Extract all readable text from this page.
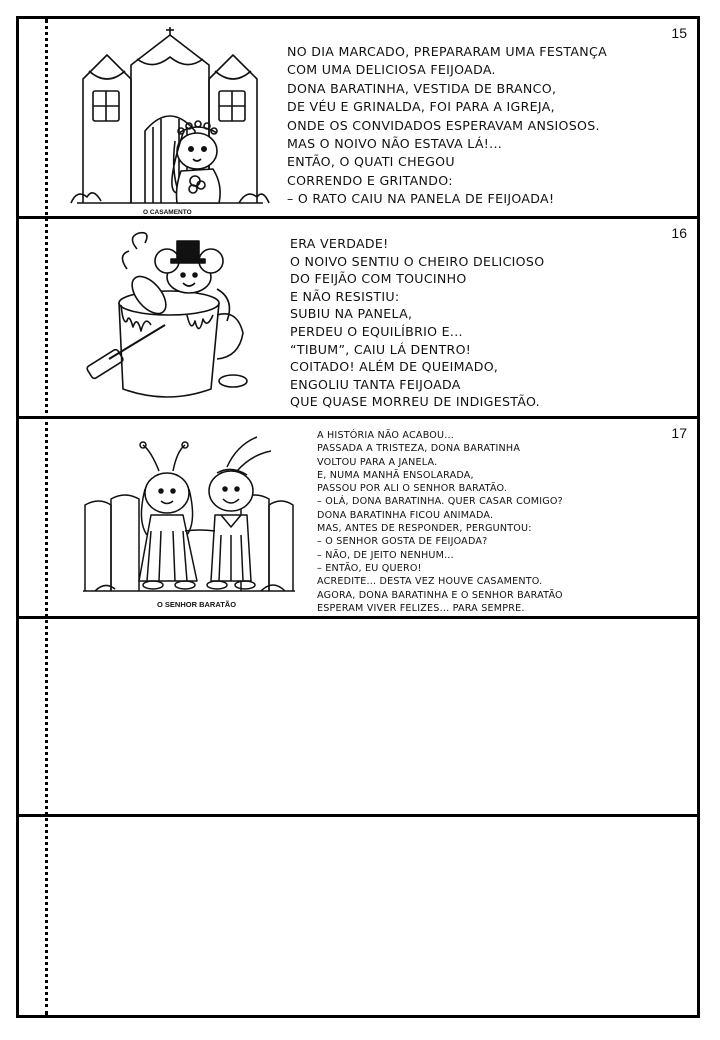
15
O CASAMENTO
NO DIA MARCADO, PREPARARAM UMA FESTANÇA
COM UMA DELICIOSA FEIJOADA.
DONA BARATINHA, VESTIDA DE BRANCO,
DE VÉU E GRINALDA, FOI PARA A IGREJA,
ONDE OS CONVIDADOS ESPERAVAM ANSIOSOS.
MAS O NOIVO NÃO ESTAVA LÁ!...
ENTÃO, O QUATI CHEGOU
CORRENDO E GRITANDO:
– O RATO CAIU NA PANELA DE FEIJOADA!
16
ERA VERDADE!
O NOIVO SENTIU O CHEIRO DELICIOSO
DO FEIJÃO COM TOUCINHO
E NÃO RESISTIU:
SUBIU NA PANELA,
PERDEU O EQUILÍBRIO E...
“TIBUM”, CAIU LÁ DENTRO!
COITADO! ALÉM DE QUEIMADO,
ENGOLIU TANTA FEIJOADA
QUE QUASE MORREU DE INDIGESTÃO.
17
O SENHOR BARATÃO
A HISTÓRIA NÃO ACABOU...
PASSADA A TRISTEZA, DONA BARATINHA
VOLTOU PARA A JANELA.
E, NUMA MANHÃ ENSOLARADA,
PASSOU POR ALI O SENHOR BARATÃO.
– OLÁ, DONA BARATINHA. QUER CASAR COMIGO?
DONA BARATINHA FICOU ANIMADA.
MAS, ANTES DE RESPONDER, PERGUNTOU:
– O SENHOR GOSTA DE FEIJOADA?
– NÃO, DE JEITO NENHUM...
– ENTÃO, EU QUERO!
ACREDITE... DESTA VEZ HOUVE CASAMENTO.
AGORA, DONA BARATINHA E O SENHOR BARATÃO
ESPERAM VIVER FELIZES... PARA SEMPRE.
